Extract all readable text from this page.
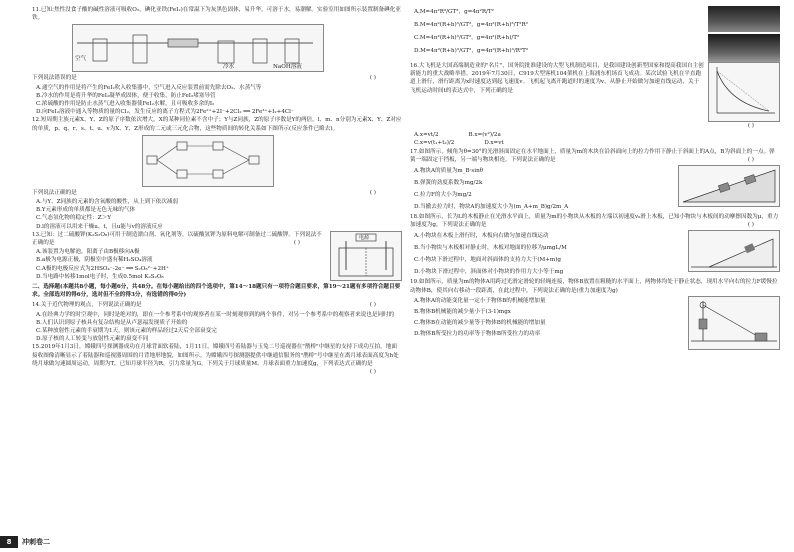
11.已知:焦性没食子酸的碱性溶液可吸收O₂，碘化亚铁(FeI₂)在常温下为灰黑色固体，易升华，可溶于水，易潮解。实验室用如图所示装置制备碘化亚铁。

空气
冷水	NaOH溶液

下列说法错误的是	( )

A.通空气的作用是将产生的FeI₂吹入收集器中，空气进入反应装置前需先除去O₂、水蒸气等

B.冷水的作用是将升华的FeI₂凝华成固体，便于收集，防止FeI₂堵塞导管

C.浓硫酸的作用是防止水蒸气进入收集器使FeI₂水解，且可吸收多余的I₂

D.向FeI₂溶液中通入等物质的量的Cl₂，发生反应的离子方程式为2Fe²⁺+2I⁻+2Cl₂ ══ 2Fe³⁺+I₂+4Cl⁻

12.短周期主族元素X、Y、Z的原子序数依次增大，X的某种同位素不含中子；Y与Z同族，Z的原子序数是Y的两倍。l、m、n分别为元素X、Y、Z对应的单质，p、q、r、s、t、u、v为X、Y、Z形成的二元或三元化合物，这些物质间的转化关系如下图所示(反应条件已略去)。

下列说法正确的是	( )

A.与Y、Z同族的元素的含氧酸的酸性，从上到下依次减弱

B.Y元素形成的单质都是无色无味的气体

C.气态氢化物的稳定性：Z＞Y

D.l的溶液可以用来干燥u、t，且u能与v的溶液反应

13.已知：过二硫酸钾(K₂S₂O₈)可用于制造漂白剂、氧化剂等，以硫酸氢钾为原料电解可制备过二硫酸钾。下列说法不正确的是	( )

A.该装置为电解池，阳离子由B极移向A极

B.a极为电源正极，阴极室中盛有稀H₂SO₄溶液

C.A极的电极反应式为2HSO₄⁻-2e⁻ ══ S₂O₈²⁻+2H⁺

D.当电路中转移1mol电子时，生成0.5mol K₂S₂O₈

电源

二、选择题(本题共8小题，每小题6分，共48分。在每小题给出的四个选项中，第14～18题只有一项符合题目要求，第19～21题有多项符合题目要求。全部选对的得6分，选对但不全的得3分，有选错的得0分)

14.关于近代物理的观点，下列说法正确的是	( )

A.在经典力学的时空观中，同时是绝对的，即在一个参考系中的观察者在某一时刻观察到的两个事件，对另一个参考系中的观察者来说也是同时的

B.人们认识到原子核具有复杂结构是从卢瑟福发现质子开始的

C.某种放射性元素的半衰期为1天，则该元素的样品经过2天后全部衰变完

D.原子核的人工转变与放射性元素的衰变不同

15.2019年1月3日，嫦娥四号探测器成功在月球背面软着陆，1月11日，嫦娥四号着陆器与玉兔二号巡视器在"鹊桥"中继星的支持下成功互拍。地面接收图像清晰显示了着陆器和巡视器周围的月背地形地貌，如图所示。为嫦娥四号探测器提供中继通信服务的"鹊桥"号中继星在离月球表面高度为h处绕月球做匀速圆周运动，周期为T，已知月球半径为R，引力常量为G。下列关于月球质量M、月球表面重力加速度g，下列表达式正确的是
( )

A.M=4π²R³/GT²，g=4π²R/T²

B.M=4π²(R+h)³/GT²，g=4π²(R+h)³/T²R²

C.M=4π²(R+h)³/GT²，g=4π²(R+h)/T²

D.M=4π²(R+h)³/GT²，g=4π²(R+h)³/R²T²

16.大飞机是大国高端制造业的"名片"，国务院批准建设的大型飞机制造项目，是我国建设创新型国家和提高我国自主创新能力的重大战略举措。2019年7月30日，C919大型客机104架机在上海浦东机场首飞成功。某次试验飞机在平直跑道上滑行，滑行距离为x时速度达到起飞速度v。飞机起飞离开跑道时的速度为v，从静止开始做匀加速直线运动，关于飞机运动时间t的表达式中，下列正确的是

( )

A.x=vt/2	B.x=(v²)/2a
C.x=v(t₁+t₂)/2	D.x=vt

17.如图所示，倾角为θ=30°的光滑斜面固定在水平地面上，质量为m的木块在沿斜面向上的拉力作用下静止于斜面上的A点，B为斜面上的一点。弹簧一端固定于挡板，另一端与物块相连。下列说法正确的是	( )

A.物块A的质量为m_B·sinθ

B.弹簧的劲度系数为mg/2k

C.拉力F的大小为mg/2

D.当撤去拉力时，物块A的加速度大小为(m_A+m_B)g/2m_A

18.如图所示，长为L的木板静止在光滑水平面上，质量为m的小物块从木板的左端以初速度v₀滑上木板，已知小物块与木板间的动摩擦因数为μ，重力加速度为g，下列说法正确的是	( )

A.小物块在木板上滑行时，木板向右做匀加速直线运动

B.当小物块与木板相对静止时，木板对地面的位移为μmgL/M

C.小物块下滑过程中，地面对斜面体的支持力大于(M+m)g

D.小物块下滑过程中，斜面体对小物块的作用力大小等于mg

19.如图所示，质量为m的物体A用跨过光滑定滑轮的轻绳连接，物体B放置在粗糙的水平面上，两物体均处于静止状态，现用水平向右的拉力F缓慢拉动物体B，使其向右移动一段距离，在此过程中，下列说法正确的是(重力加速度为g)

A.物体A的动能变化量一定小于物体B的机械能增加量

B.物体B机械能的减少量小于(3-1)mgx

C.物体B在动能的减少量等于物体B的机械能的增加量

D.物体B所受拉力的功率等于物体B所受拉力的功率

8	冲刺卷二
